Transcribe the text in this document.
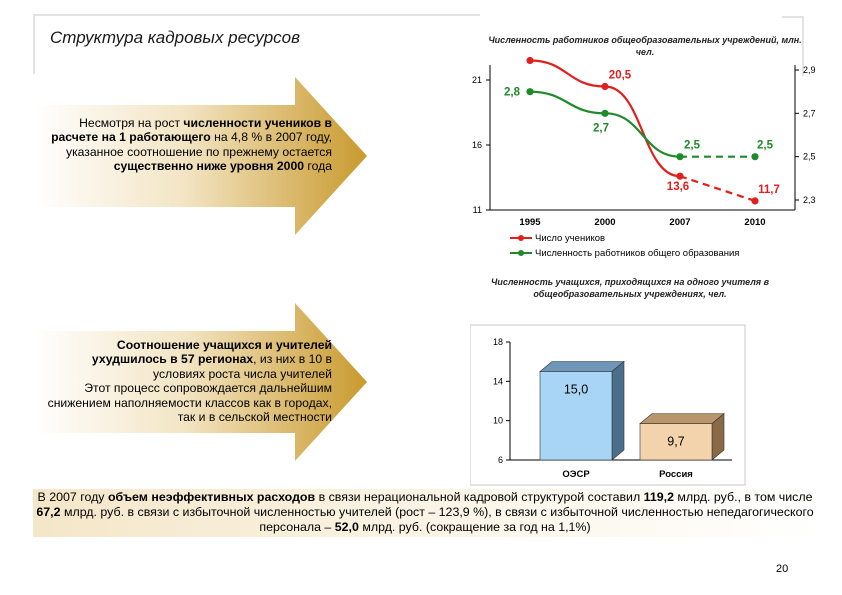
Структура кадровых ресурсов
Несмотря на рост численности учеников в расчете на 1 работающего на 4,8 % в 2007 году, указанное соотношение по прежнему остается существенно ниже уровня 2000 года
Соотношение учащихся и учителей ухудшилось в 57 регионах, из них в 10 в условиях роста числа учителей
Этот процесс сопровождается дальнейшим снижением наполняемости классов как в городах, так и в сельской местности
Численность работников общеобразовательных учреждений, млн. чел.
21
16
11
2,9
2,7
2,5
2,3
1995	2000	2007	2010
20,5
13,6	11,7
2,8
2,7
2,5	2,5
Число учеников
Численность работников общего образования
Численность учащихся, приходящихся на одного учителя в общеобразовательных учреждениях, чел.
18
14
10
6
15,0
9,7
ОЭСР	Россия
В 2007 году объем неэффективных расходов в связи нерациональной кадровой структурой составил 119,2 млрд. руб., в том числе 67,2 млрд. руб. в связи с избыточной численностью учителей (рост – 123,9 %), в связи с избыточной численностью непедагогического персонала – 52,0 млрд. руб. (сокращение за год на 1,1%)
20
